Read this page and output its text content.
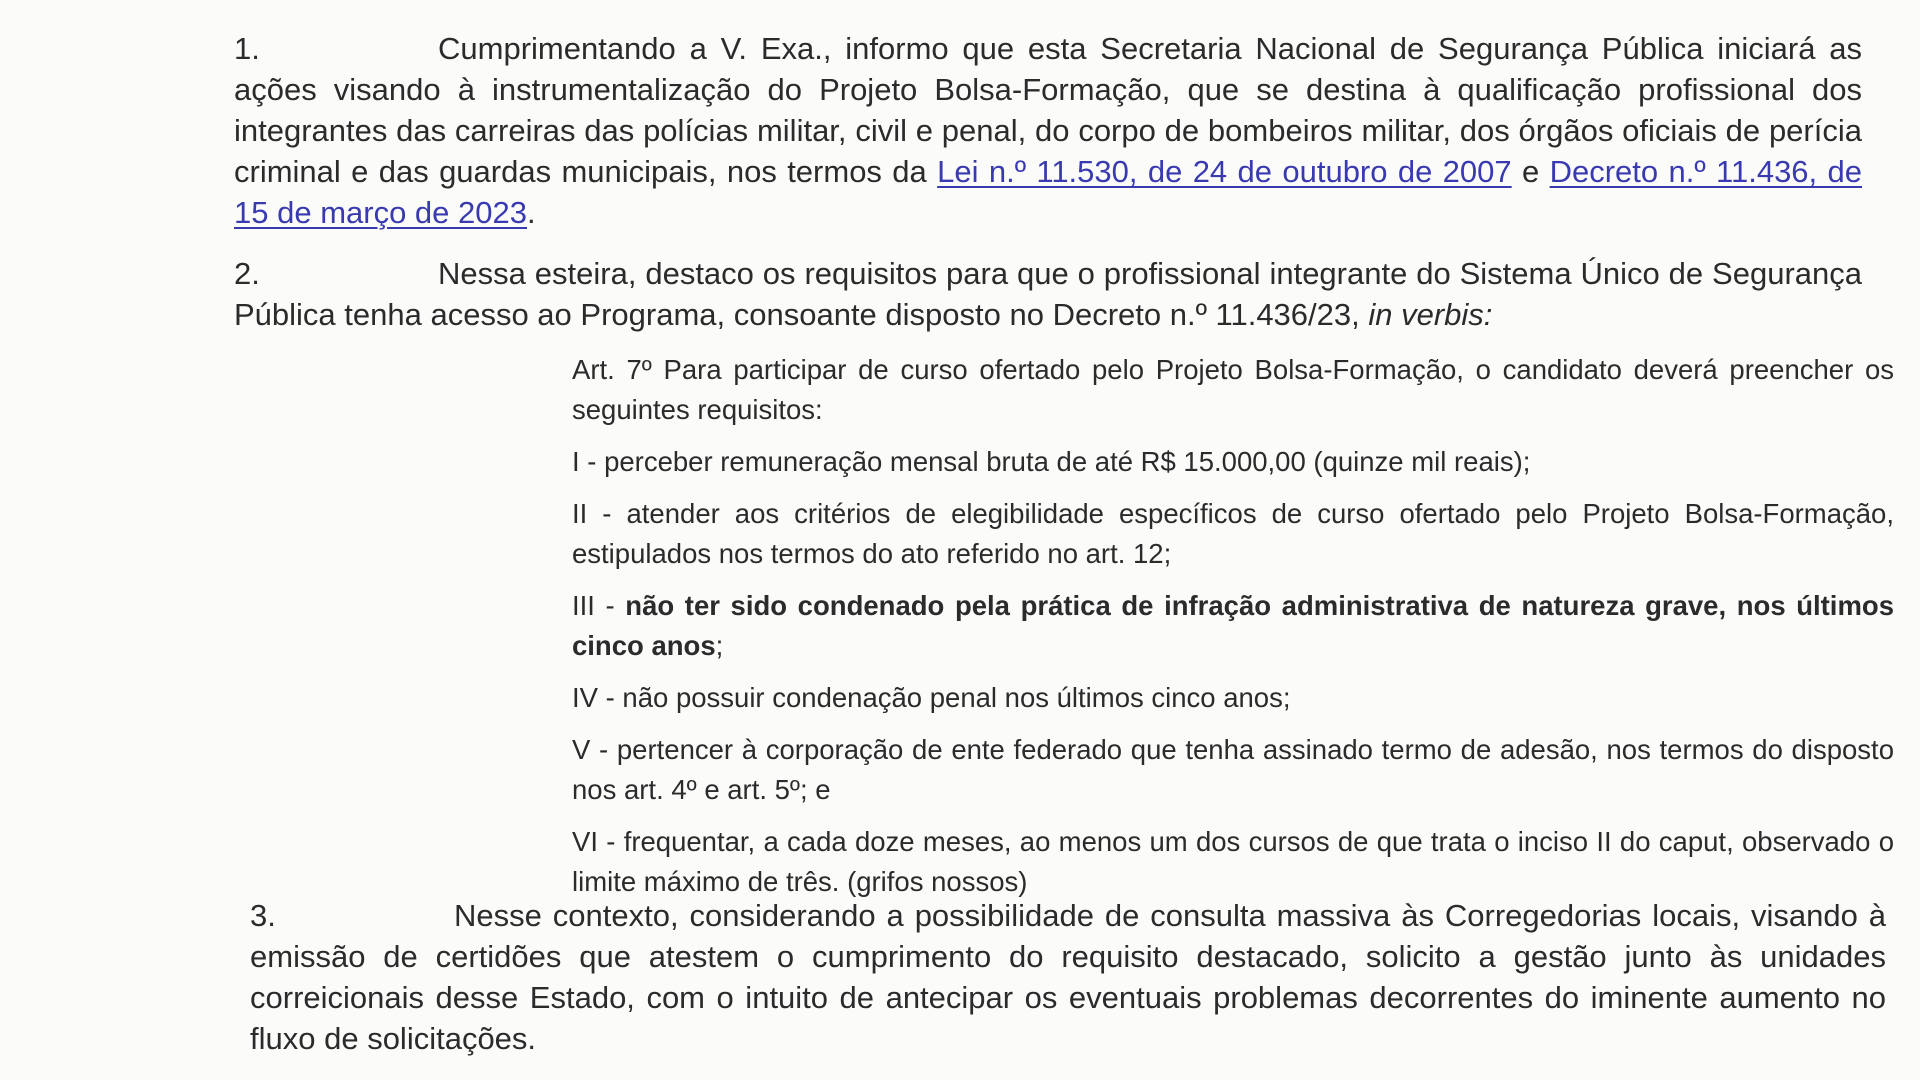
1.	Cumprimentando a V. Exa., informo que esta Secretaria Nacional de Segurança Pública iniciará as ações visando à instrumentalização do Projeto Bolsa-Formação, que se destina à qualificação profissional dos integrantes das carreiras das polícias militar, civil e penal, do corpo de bombeiros militar, dos órgãos oficiais de perícia criminal e das guardas municipais, nos termos da Lei n.º 11.530, de 24 de outubro de 2007 e Decreto n.º 11.436, de 15 de março de 2023.
2.	Nessa esteira, destaco os requisitos para que o profissional integrante do Sistema Único de Segurança Pública tenha acesso ao Programa, consoante disposto no Decreto n.º 11.436/23, in verbis:
Art. 7º Para participar de curso ofertado pelo Projeto Bolsa-Formação, o candidato deverá preencher os seguintes requisitos:
I - perceber remuneração mensal bruta de até R$ 15.000,00 (quinze mil reais);
II - atender aos critérios de elegibilidade específicos de curso ofertado pelo Projeto Bolsa-Formação, estipulados nos termos do ato referido no art. 12;
III - não ter sido condenado pela prática de infração administrativa de natureza grave, nos últimos cinco anos;
IV - não possuir condenação penal nos últimos cinco anos;
V - pertencer à corporação de ente federado que tenha assinado termo de adesão, nos termos do disposto nos art. 4º e art. 5º; e
VI - frequentar, a cada doze meses, ao menos um dos cursos de que trata o inciso II do caput, observado o limite máximo de três. (grifos nossos)
3.	Nesse contexto, considerando a possibilidade de consulta massiva às Corregedorias locais, visando à emissão de certidões que atestem o cumprimento do requisito destacado, solicito a gestão junto às unidades correicionais desse Estado, com o intuito de antecipar os eventuais problemas decorrentes do iminente aumento no fluxo de solicitações.
